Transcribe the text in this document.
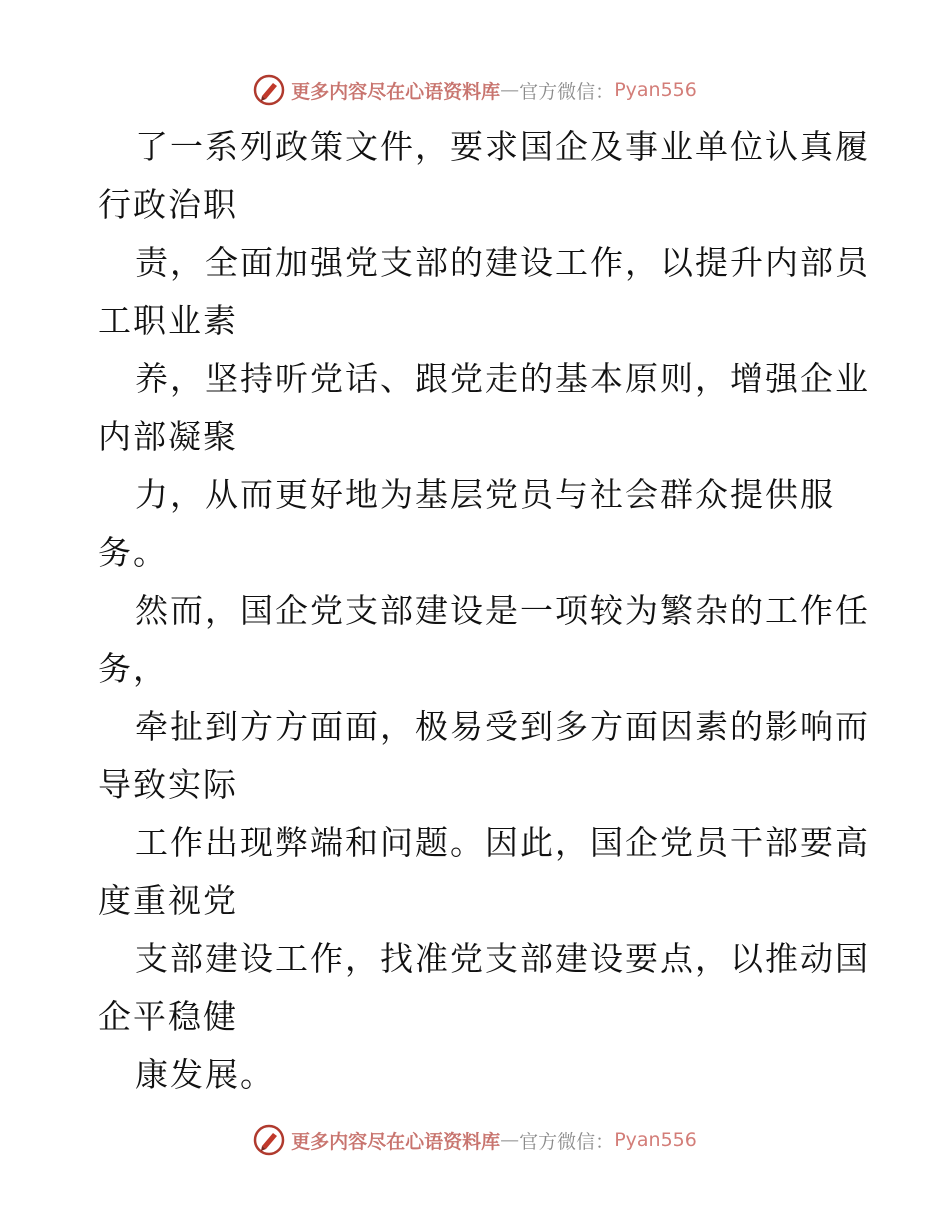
更多内容尽在心语资料库 — 官方微信： Pyan556
了一系列政策文件，要求国企及事业单位认真履
行政治职
责，全面加强党支部的建设工作，以提升内部员
工职业素
养，坚持听党话、跟党走的基本原则，增强企业
内部凝聚
力，从而更好地为基层党员与社会群众提供服
务。
然而，国企党支部建设是一项较为繁杂的工作任
务，
牵扯到方方面面，极易受到多方面因素的影响而
导致实际
工作出现弊端和问题。因此，国企党员干部要高
度重视党
支部建设工作，找准党支部建设要点，以推动国
企平稳健
康发展。
更多内容尽在心语资料库 — 官方微信： Pyan556
